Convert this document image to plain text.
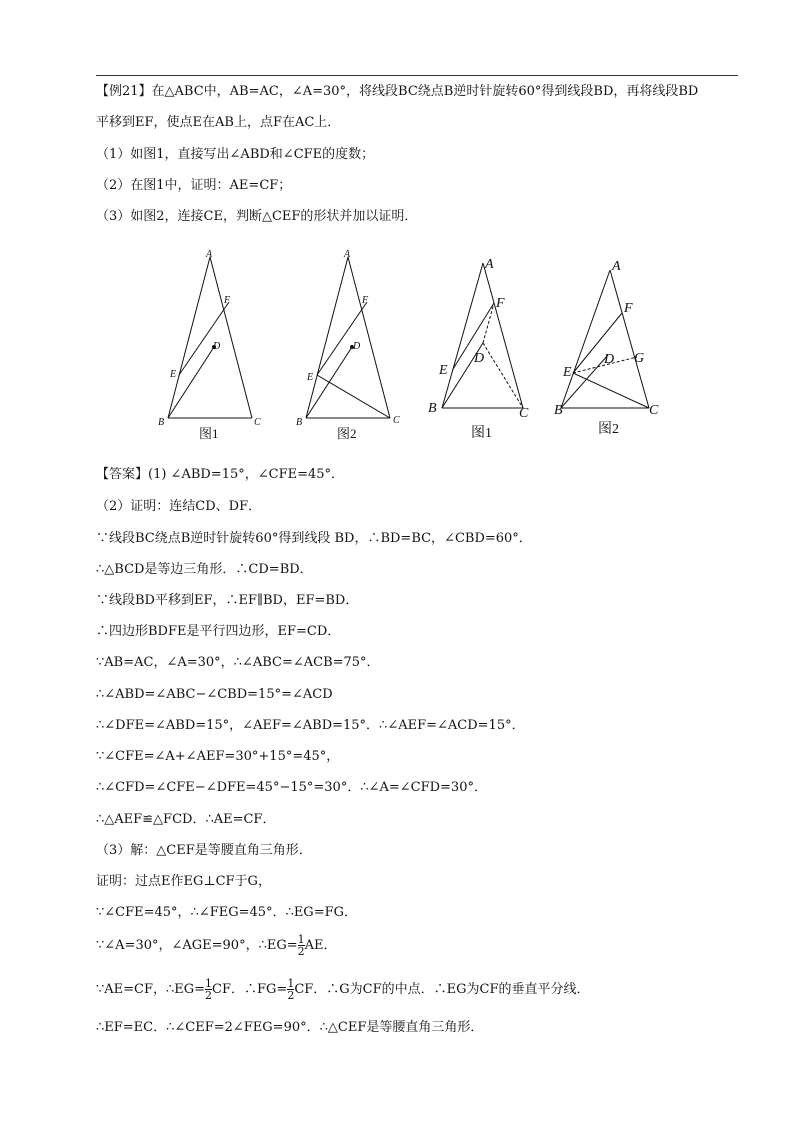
【例21】在△ABC中，AB=AC，∠A=30°，将线段BC绕点B逆时针旋转60°得到线段BD，再将线段BD
平移到EF，使点E在AB上，点F在AC上．
（1）如图1，直接写出∠ABD和∠CFE的度数；
（2）在图1中，证明：AE=CF；
（3）如图2，连接CE，判断△CEF的形状并加以证明．
A
F
D
E
B	C
A
F
D
E
B	C
A
F
D
E
B	C
A
F
D G
E
B	C
图1	图2	图1	图2
【答案】(1) ∠ABD=15°，∠CFE=45°．
（2）证明：连结CD、DF．
∵线段BC绕点B逆时针旋转60°得到线段 BD，∴BD=BC，∠CBD=60°．
∴△BCD是等边三角形．∴CD=BD．
∵线段BD平移到EF，∴EF∥BD，EF=BD．
∴四边形BDFE是平行四边形，EF=CD．
∵AB=AC，∠A=30°，∴∠ABC=∠ACB=75°．
∴∠ABD=∠ABC−∠CBD=15°=∠ACD
∴∠DFE=∠ABD=15°，∠AEF=∠ABD=15°．∴∠AEF=∠ACD=15°．
∵∠CFE=∠A+∠AEF=30°+15°=45°，
∴∠CFD=∠CFE−∠DFE=45°−15°=30°．∴∠A=∠CFD=30°．
∴△AEF≌△FCD．∴AE=CF．
（3）解：△CEF是等腰直角三角形．
证明：过点E作EG⊥CF于G，
∵∠CFE=45°，∴∠FEG=45°．∴EG=FG．
∵∠A=30°，∠AGE=90°，∴EG= $\frac{1}{2}$ AE．
∵AE=CF，∴EG= $\frac{1}{2}$ CF．∴FG= $\frac{1}{2}$ CF．∴G为CF的中点．∴EG为CF的垂直平分线．
∴EF=EC．∴∠CEF=2∠FEG=90°．∴△CEF是等腰直角三角形．
